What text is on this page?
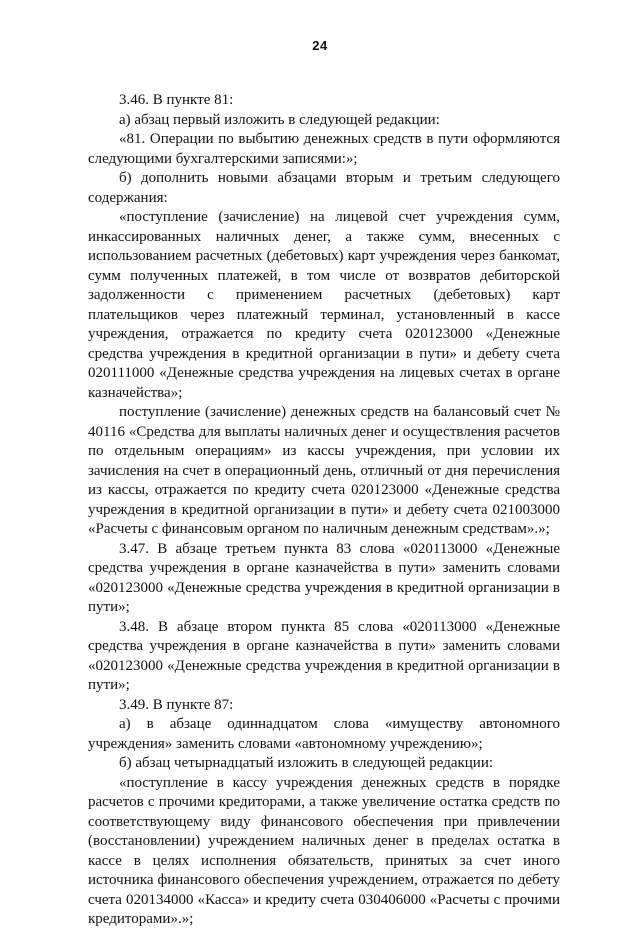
24

3.46. В пункте 81:

а) абзац первый изложить в следующей редакции:

«81. Операции по выбытию денежных средств в пути оформляются следующими бухгалтерскими записями:»;

б) дополнить новыми абзацами вторым и третьим следующего содержания:

«поступление (зачисление) на лицевой счет учреждения сумм, инкассированных наличных денег, а также сумм, внесенных с использованием расчетных (дебетовых) карт учреждения через банкомат, сумм полученных платежей, в том числе от возвратов дебиторской задолженности с применением расчетных (дебетовых) карт плательщиков через платежный терминал, установленный в кассе учреждения, отражается по кредиту счета 020123000 «Денежные средства учреждения в кредитной организации в пути» и дебету счета 020111000 «Денежные средства учреждения на лицевых счетах в органе казначейства»;

поступление (зачисление) денежных средств на балансовый счет № 40116 «Средства для выплаты наличных денег и осуществления расчетов по отдельным операциям» из кассы учреждения, при условии их зачисления на счет в операционный день, отличный от дня перечисления из кассы, отражается по кредиту счета 020123000 «Денежные средства учреждения в кредитной организации в пути» и дебету счета 021003000 «Расчеты с финансовым органом по наличным денежным средствам».»;

3.47. В абзаце третьем пункта 83 слова «020113000 «Денежные средства учреждения в органе казначейства в пути» заменить словами «020123000 «Денежные средства учреждения в кредитной организации в пути»;

3.48. В абзаце втором пункта 85 слова «020113000 «Денежные средства учреждения в органе казначейства в пути» заменить словами «020123000 «Денежные средства учреждения в кредитной организации в пути»;

3.49. В пункте 87:

а) в абзаце одиннадцатом слова «имуществу автономного учреждения» заменить словами «автономному учреждению»;

б) абзац четырнадцатый изложить в следующей редакции:

«поступление в кассу учреждения денежных средств в порядке расчетов с прочими кредиторами, а также увеличение остатка средств по соответствующему виду финансового обеспечения при привлечении (восстановлении) учреждением наличных денег в пределах остатка в кассе в целях исполнения обязательств, принятых за счет иного источника финансового обеспечения учреждением, отражается по дебету счета 020134000 «Касса» и кредиту счета 030406000 «Расчеты с прочими кредиторами».»;
